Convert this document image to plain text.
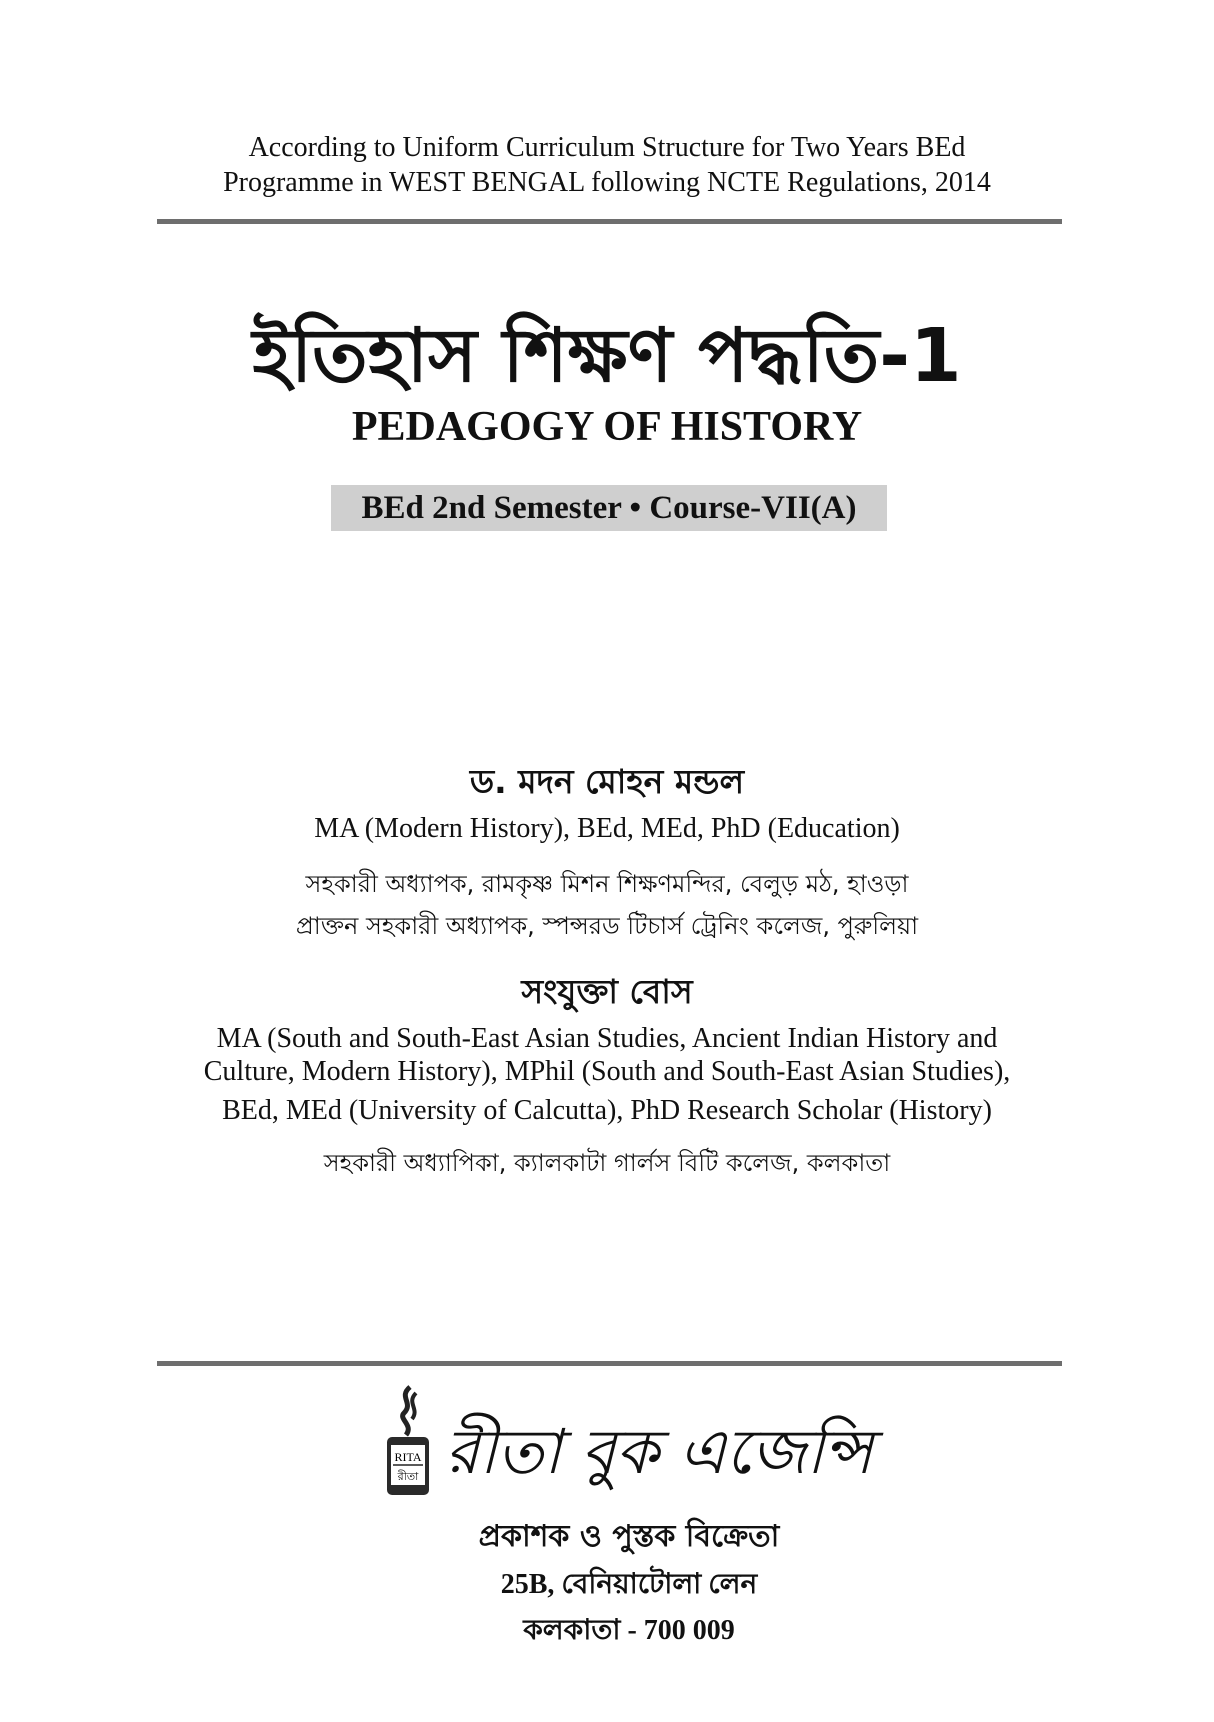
According to Uniform Curriculum Structure for Two Years BEd
Programme in WEST BENGAL following NCTE Regulations, 2014
ইতিহাস শিক্ষণ পদ্ধতি-1
PEDAGOGY OF HISTORY
BEd 2nd Semester • Course-VII(A)
ড. মদন মোহন মন্ডল
MA (Modern History), BEd, MEd, PhD (Education)
সহকারী অধ্যাপক, রামকৃষ্ণ মিশন শিক্ষণমন্দির, বেলুড় মঠ, হাওড়া
প্রাক্তন সহকারী অধ্যাপক, স্পন্সরড টিচার্স ট্রেনিং কলেজ, পুরুলিয়া
সংযুক্তা বোস
MA (South and South-East Asian Studies, Ancient Indian History and
Culture, Modern History), MPhil (South and South-East Asian Studies),
BEd, MEd (University of Calcutta), PhD Research Scholar (History)
সহকারী অধ্যাপিকা, ক্যালকাটা গার্লস বিটি কলেজ, কলকাতা
RITA
রীতা রীতা বুক এজেন্সি
প্রকাশক ও পুস্তক বিক্রেতা
25B, বেনিয়াটোলা লেন
কলকাতা - 700 009
